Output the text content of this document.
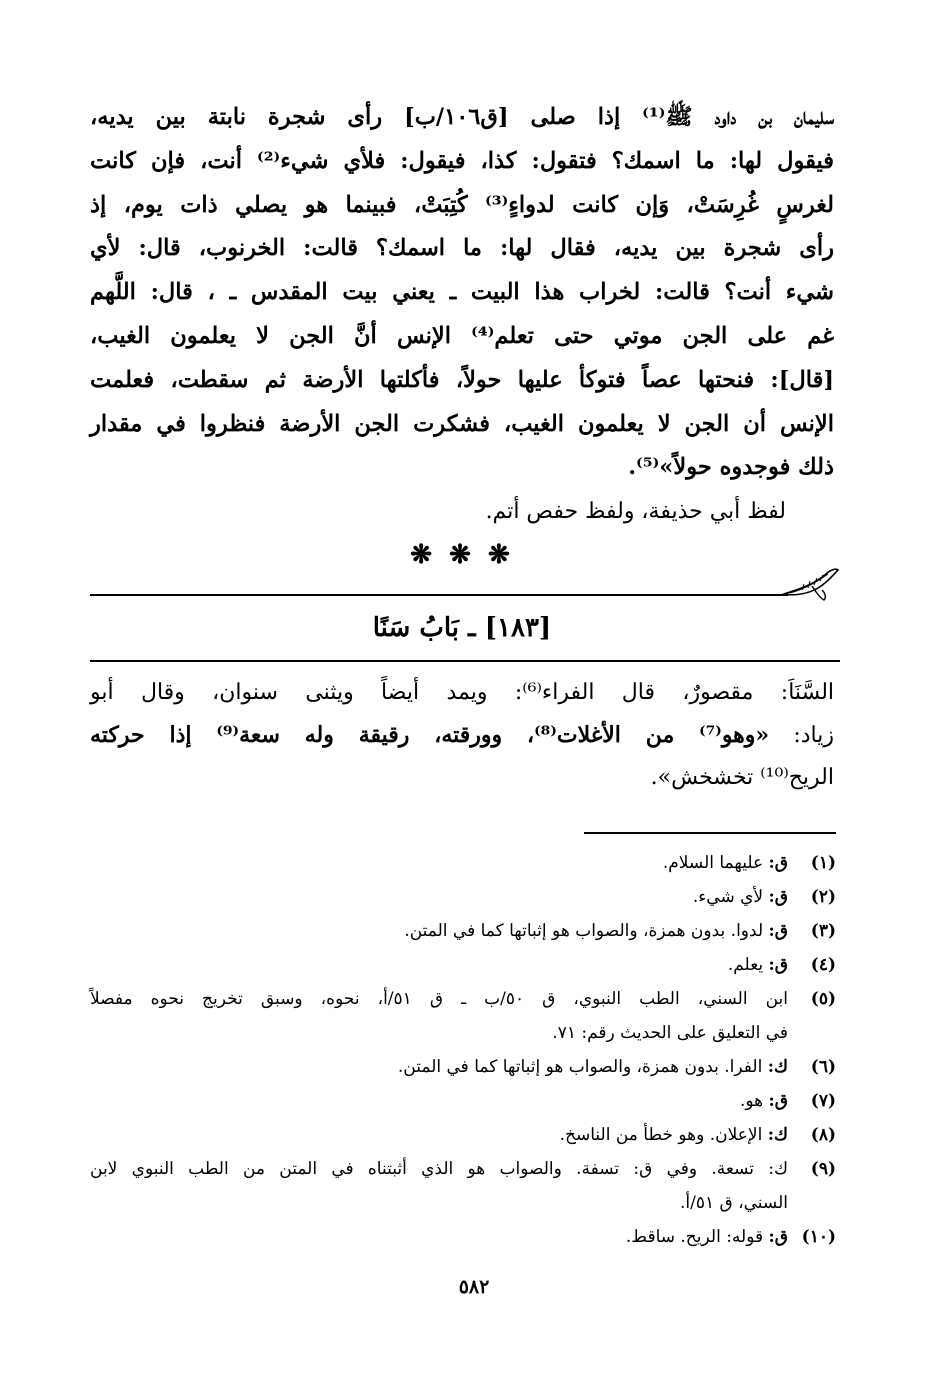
سليمان بن داود ﷺ⁽¹⁾ إذا صلى [ق١٠٦/ب] رأى شجرة نابتة بين يديه،
فيقول لها: ما اسمك؟ فتقول: كذا، فيقول: فلأي شيء⁽²⁾ أنت، فإن كانت
لغرسٍ غُرِسَتْ، وَإن كانت لدواءٍ⁽³⁾ كُتِبَتْ، فبينما هو يصلي ذات يوم، إذ
رأى شجرة بين يديه، فقال لها: ما اسمك؟ قالت: الخرنوب، قال: لأي
شيء أنت؟ قالت: لخراب هذا البيت ـ يعني بيت المقدس ـ ، قال: اللَّهم
غم على الجن موتي حتى تعلم⁽⁴⁾ الإنس أنَّ الجن لا يعلمون الغيب،
[قال]: فنحتها عصاً فتوكأ عليها حولاً، فأكلتها الأرضة ثم سقطت، فعلمت
الإنس أن الجن لا يعلمون الغيب، فشكرت الجن الأرضة فنظروا في مقدار
ذلك فوجدوه حولاً»⁽⁵⁾.
لفظ أبي حذيفة، ولفظ حفص أتم.
❋ ❋ ❋
[١٨٣] ـ بَابُ سَنًا
السَّنَاَ: مقصورٌ، قال الفراء⁽⁶⁾: ويمد أيضاً ويثنى سنوان، وقال أبو
زياد: «وهو⁽⁷⁾ من الأغلات⁽⁸⁾، وورقته، رقيقة وله سعة⁽⁹⁾ إذا حركته
الريح⁽¹⁰⁾ تخشخش».
(١)
ق: عليهما السلام.
(٢)
ق: لأي شيء.
(٣)
ق: لدوا. بدون همزة، والصواب هو إثباتها كما في المتن.
(٤)
ق: يعلم.
(٥)
ابن السني، الطب النبوي، ق ٥٠/ب ـ ق ٥١/أ، نحوه، وسبق تخريج نحوه مفصلاً
في التعليق على الحديث رقم: ٧١.
(٦)
ك: الفرا. بدون همزة، والصواب هو إثباتها كما في المتن.
(٧)
ق: هو.
(٨)
ك: الإعلان. وهو خطأ من الناسخ.
(٩)
ك: تسعة. وفي ق: تسفة. والصواب هو الذي أثبتناه في المتن من الطب النبوي لابن
السني، ق ٥١/أ.
(١٠)
ق: قوله: الريح. ساقط.
٥٨٢
